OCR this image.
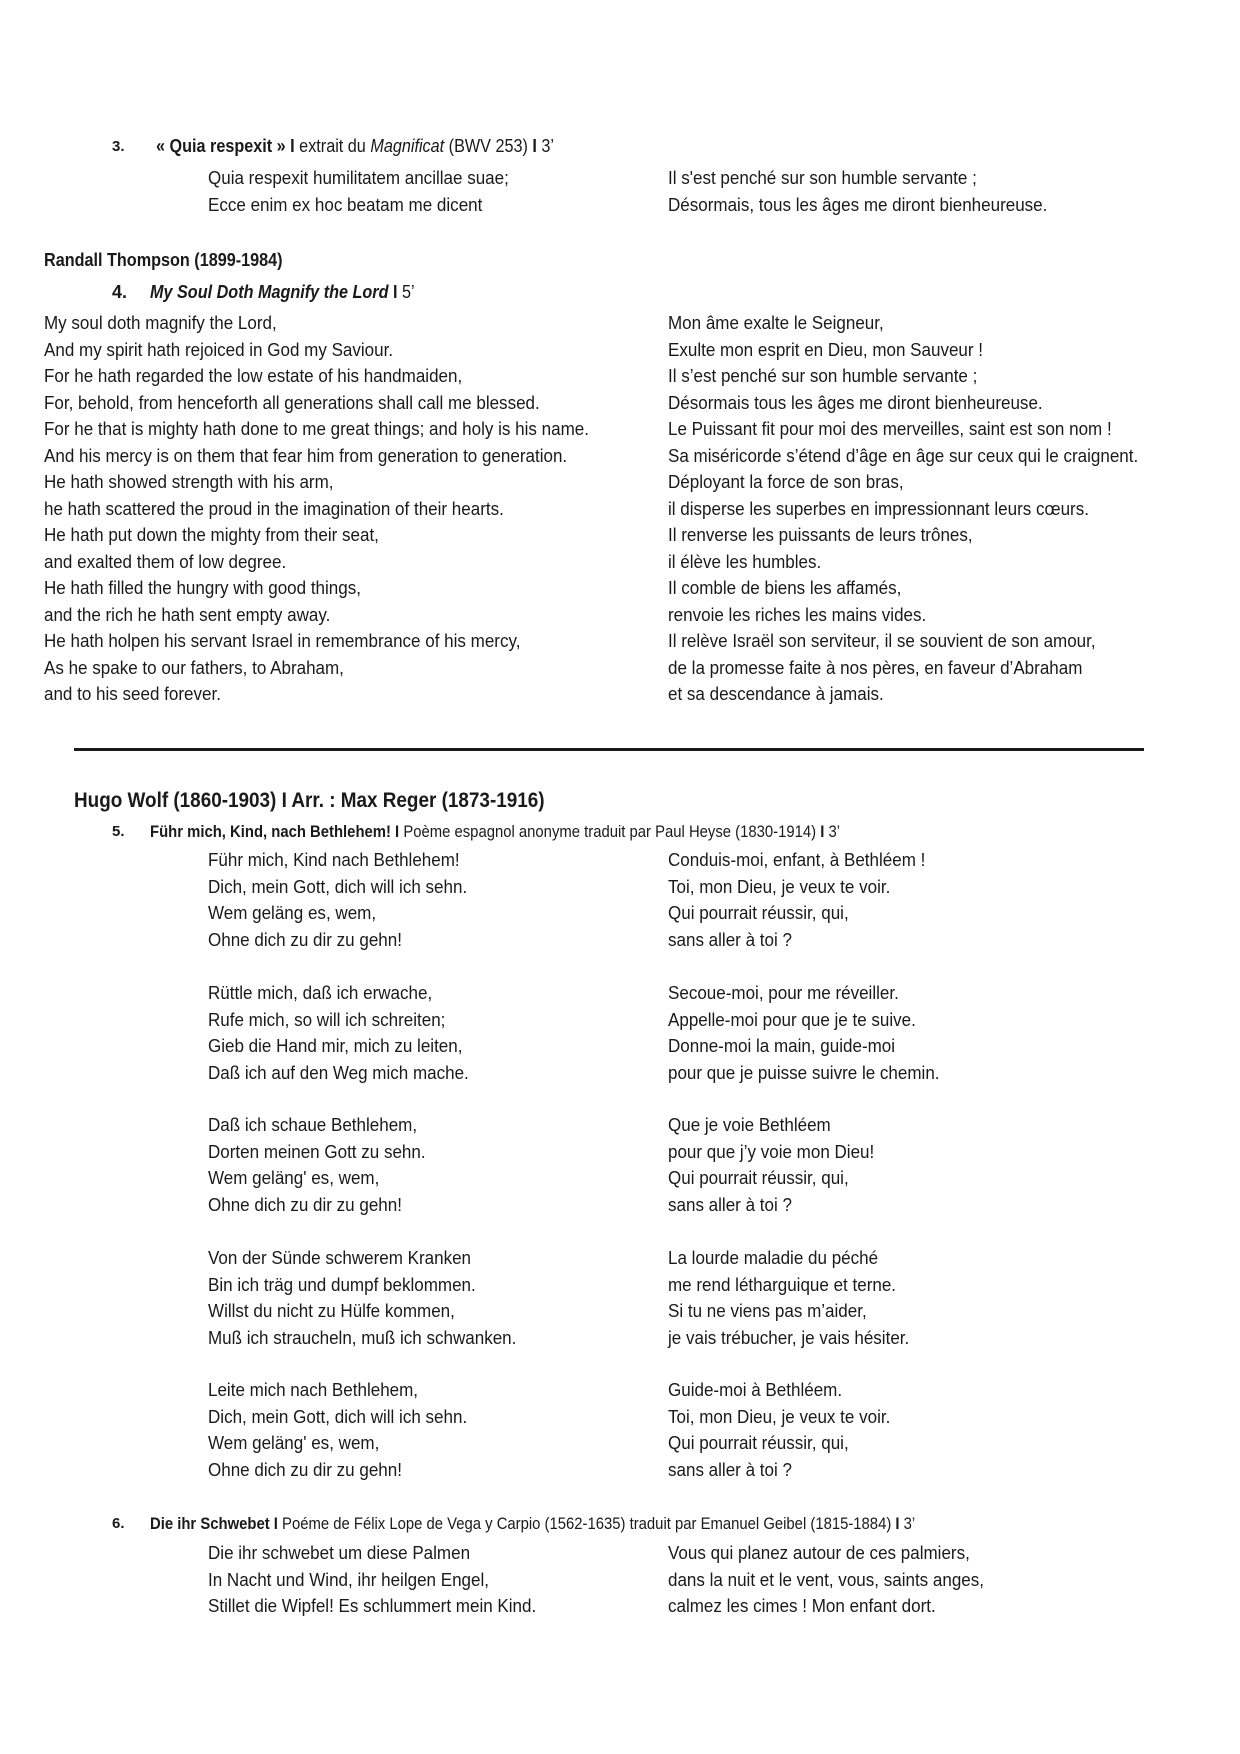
3. « Quia respexit » I extrait du Magnificat (BWV 253) I 3’
Quia respexit humilitatem ancillae suae;
Ecce enim ex hoc beatam me dicent
Il s'est penché sur son humble servante ;
Désormais, tous les âges me diront bienheureuse.
Randall Thompson (1899-1984)
4. My Soul Doth Magnify the Lord I 5’
My soul doth magnify the Lord,
And my spirit hath rejoiced in God my Saviour.
For he hath regarded the low estate of his handmaiden,
For, behold, from henceforth all generations shall call me blessed.
For he that is mighty hath done to me great things; and holy is his name.
And his mercy is on them that fear him from generation to generation.
He hath showed strength with his arm,
he hath scattered the proud in the imagination of their hearts.
He hath put down the mighty from their seat,
and exalted them of low degree.
He hath filled the hungry with good things,
and the rich he hath sent empty away.
He hath holpen his servant Israel in remembrance of his mercy,
As he spake to our fathers, to Abraham,
and to his seed forever.
Mon âme exalte le Seigneur,
Exulte mon esprit en Dieu, mon Sauveur !
Il s’est penché sur son humble servante ;
Désormais tous les âges me diront bienheureuse.
Le Puissant fit pour moi des merveilles, saint est son nom !
Sa miséricorde s’étend d’âge en âge sur ceux qui le craignent.
Déployant la force de son bras,
il disperse les superbes en impressionnant leurs cœurs.
Il renverse les puissants de leurs trônes,
il élève les humbles.
Il comble de biens les affamés,
renvoie les riches les mains vides.
Il relève Israël son serviteur, il se souvient de son amour,
de la promesse faite à nos pères, en faveur d’Abraham
et sa descendance à jamais.
Hugo Wolf (1860-1903) I Arr. : Max Reger (1873-1916)
5. Führ mich, Kind, nach Bethlehem! I Poème espagnol anonyme traduit par Paul Heyse (1830-1914) I 3’
Führ mich, Kind nach Bethlehem!
Dich, mein Gott, dich will ich sehn.
Wem geläng es, wem,
Ohne dich zu dir zu gehn!
Conduis-moi, enfant, à Bethléem !
Toi, mon Dieu, je veux te voir.
Qui pourrait réussir, qui,
sans aller à toi ?
Rüttle mich, daß ich erwache,
Rufe mich, so will ich schreiten;
Gieb die Hand mir, mich zu leiten,
Daß ich auf den Weg mich mache.
Secoue-moi, pour me réveiller.
Appelle-moi pour que je te suive.
Donne-moi la main, guide-moi
pour que je puisse suivre le chemin.
Daß ich schaue Bethlehem,
Dorten meinen Gott zu sehn.
Wem geläng' es, wem,
Ohne dich zu dir zu gehn!
Que je voie Bethléem
pour que j’y voie mon Dieu!
Qui pourrait réussir, qui,
sans aller à toi ?
Von der Sünde schwerem Kranken
Bin ich träg und dumpf beklommen.
Willst du nicht zu Hülfe kommen,
Muß ich straucheln, muß ich schwanken.
La lourde maladie du péché
me rend létharguique et terne.
Si tu ne viens pas m’aider,
je vais trébucher, je vais hésiter.
Leite mich nach Bethlehem,
Dich, mein Gott, dich will ich sehn.
Wem geläng' es, wem,
Ohne dich zu dir zu gehn!
Guide-moi à Bethléem.
Toi, mon Dieu, je veux te voir.
Qui pourrait réussir, qui,
sans aller à toi ?
6. Die ihr Schwebet I Poéme de Félix Lope de Vega y Carpio (1562-1635) traduit par Emanuel Geibel (1815-1884) I 3’
Die ihr schwebet um diese Palmen
In Nacht und Wind, ihr heilgen Engel,
Stillet die Wipfel! Es schlummert mein Kind.
Vous qui planez autour de ces palmiers,
dans la nuit et le vent, vous, saints anges,
calmez les cimes ! Mon enfant dort.
